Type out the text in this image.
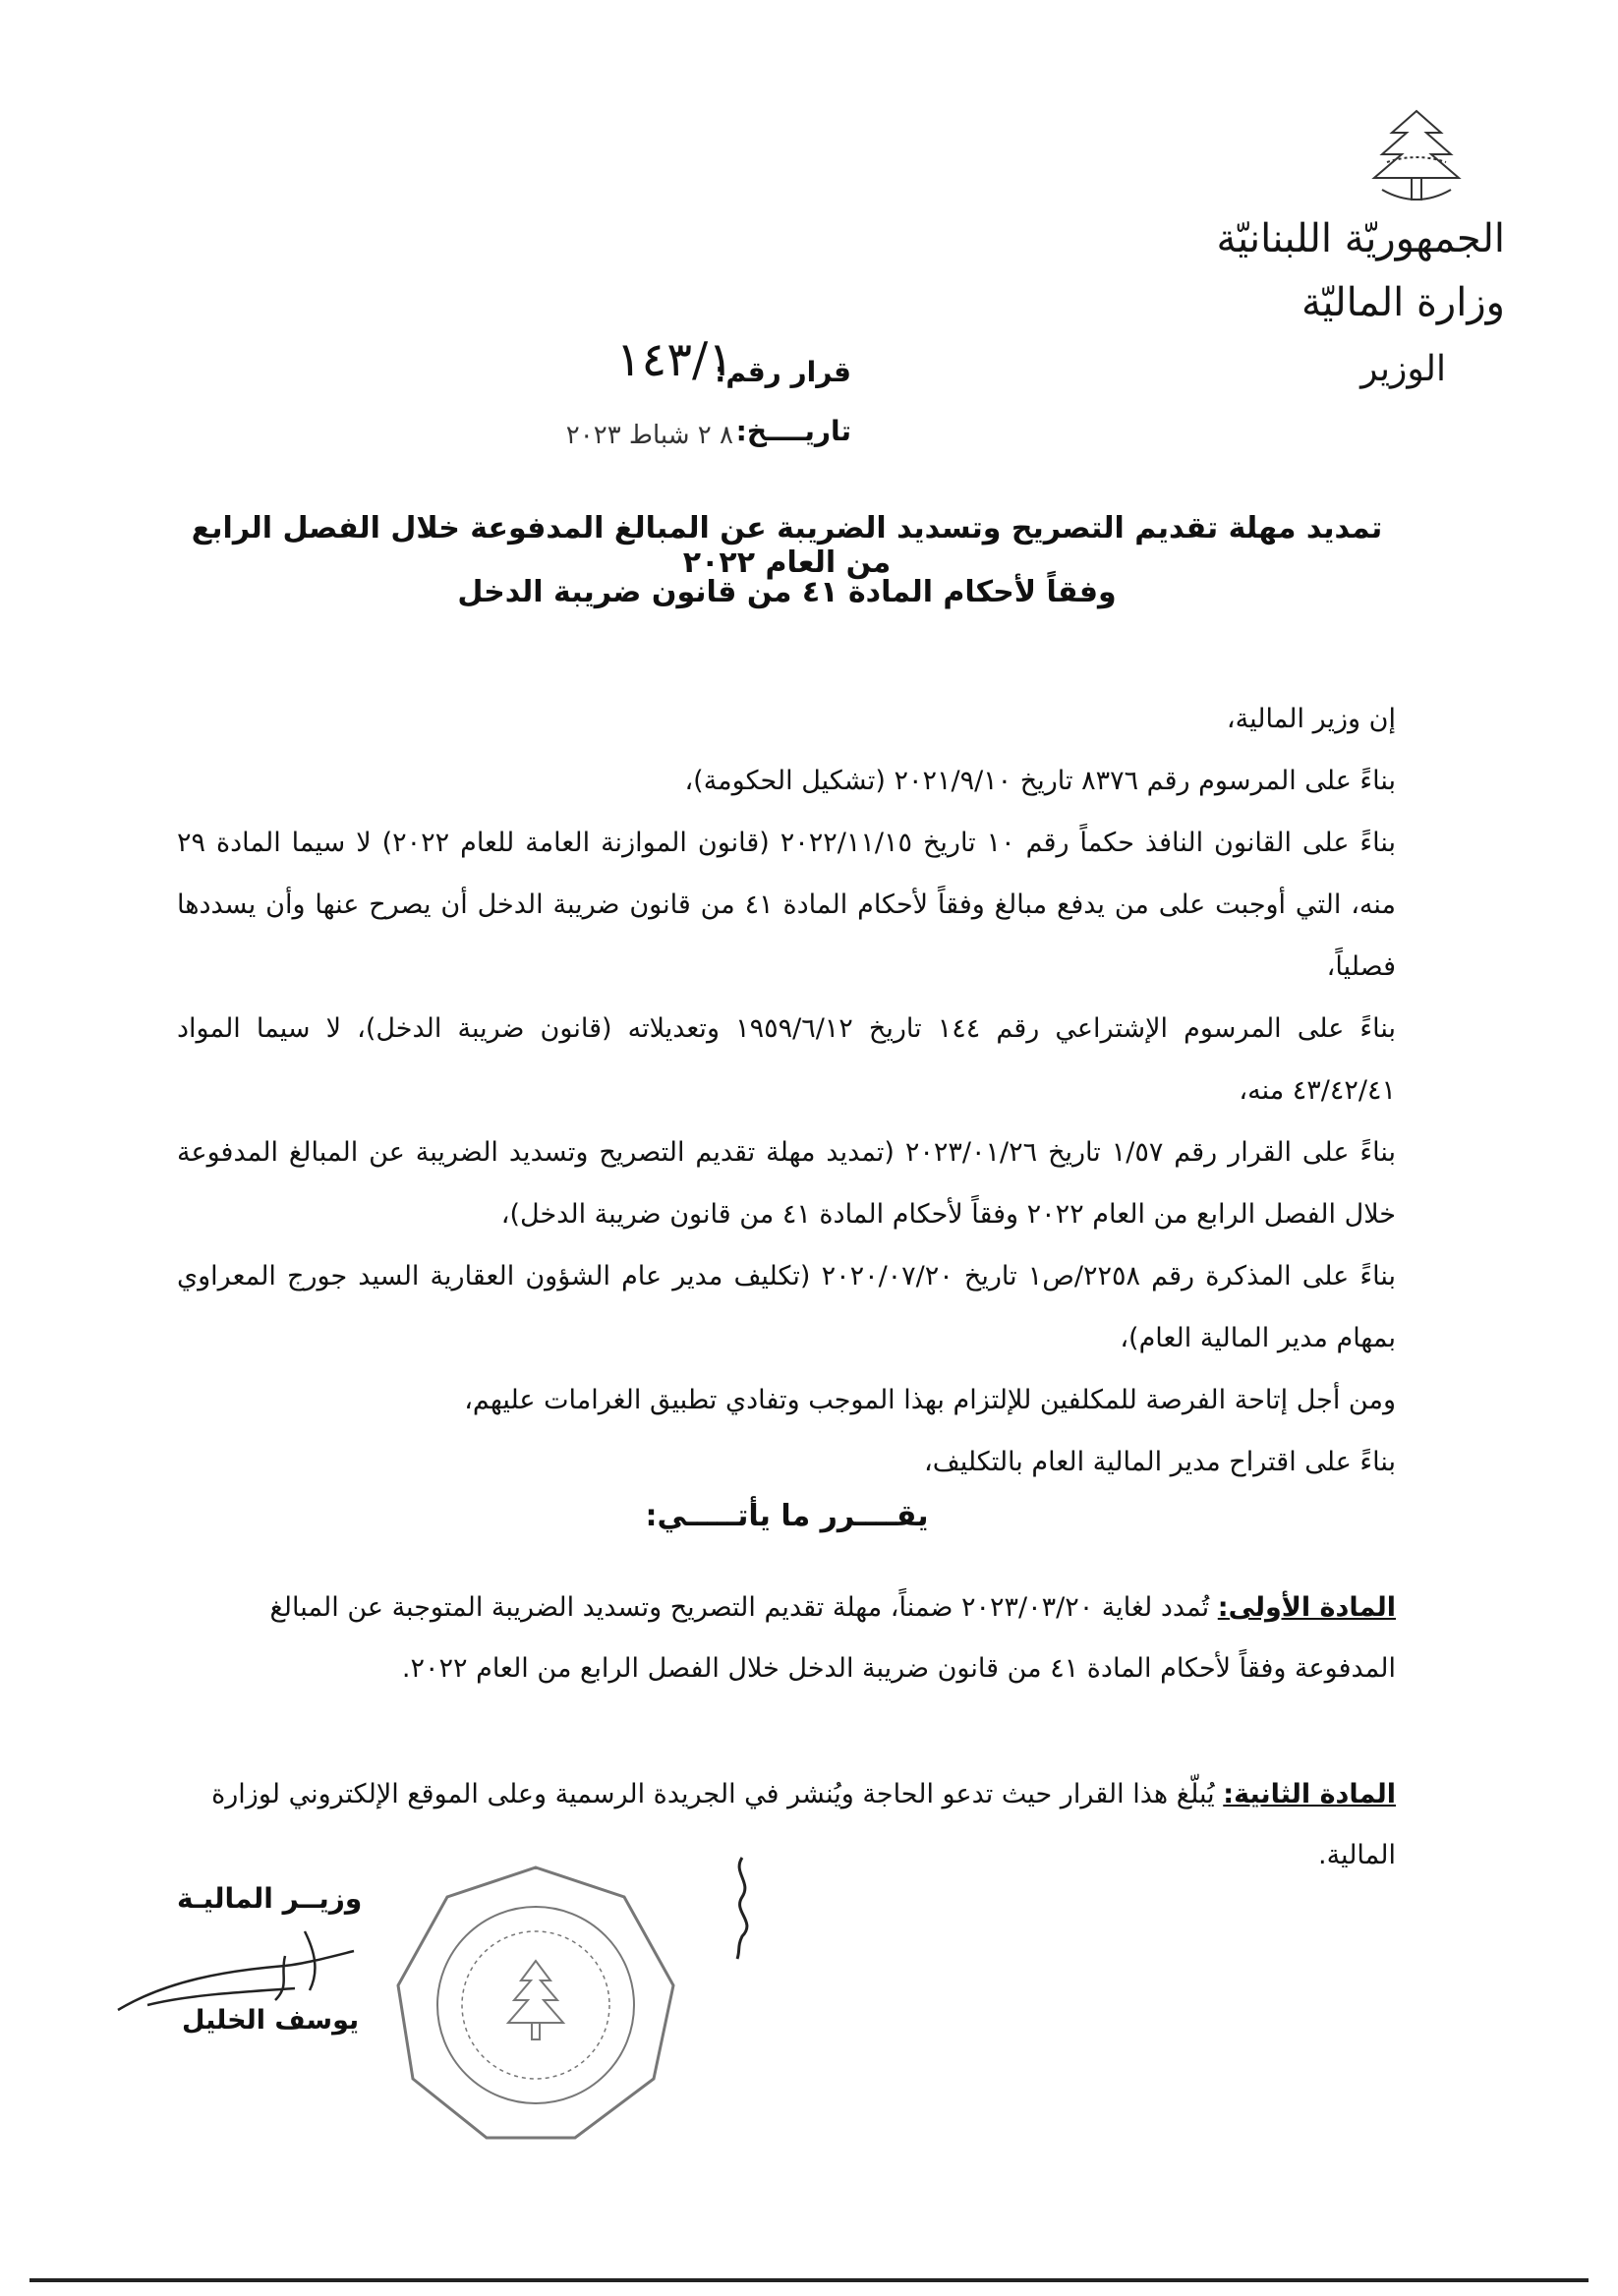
الجمهوريّة اللبنانيّة
وزارة الماليّة
الوزير
قرار رقم:
١٤٣/١
تاريــــخ:
٨ ٢ شباط ٢٠٢٣
تمديد مهلة تقديم التصريح وتسديد الضريبة عن المبالغ المدفوعة خلال الفصل الرابع من العام ٢٠٢٢
وفقاً لأحكام المادة ٤١ من قانون ضريبة الدخل

إن وزير المالية،

بناءً على المرسوم رقم ٨٣٧٦ تاريخ ٢٠٢١/٩/١٠ (تشكيل الحكومة)،

بناءً على القانون النافذ حكماً رقم ١٠ تاريخ ٢٠٢٢/١١/١٥ (قانون الموازنة العامة للعام ٢٠٢٢) لا سيما المادة ٢٩ منه، التي أوجبت على من يدفع مبالغ وفقاً لأحكام المادة ٤١ من قانون ضريبة الدخل أن يصرح عنها وأن يسددها فصلياً،

بناءً على المرسوم الإشتراعي رقم ١٤٤ تاريخ ١٩٥٩/٦/١٢ وتعديلاته (قانون ضريبة الدخل)، لا سيما المواد ٤٣/٤٢/٤١ منه،

بناءً على القرار رقم ١/٥٧ تاريخ ٢٠٢٣/٠١/٢٦ (تمديد مهلة تقديم التصريح وتسديد الضريبة عن المبالغ المدفوعة خلال الفصل الرابع من العام ٢٠٢٢ وفقاً لأحكام المادة ٤١ من قانون ضريبة الدخل)،

بناءً على المذكرة رقم ٢٢٥٨/ص١ تاريخ ٢٠٢٠/٠٧/٢٠ (تكليف مدير عام الشؤون العقارية السيد جورج المعراوي بمهام مدير المالية العام)،

ومن أجل إتاحة الفرصة للمكلفين للإلتزام بهذا الموجب وتفادي تطبيق الغرامات عليهم،

بناءً على اقتراح مدير المالية العام بالتكليف،

يقــــرر ما يأتـــــي:
المادة الأولى: تُمدد لغاية ٢٠٢٣/٠٣/٢٠ ضمناً، مهلة تقديم التصريح وتسديد الضريبة المتوجبة عن المبالغ المدفوعة وفقاً لأحكام المادة ٤١ من قانون ضريبة الدخل خلال الفصل الرابع من العام ٢٠٢٢.
المادة الثانية: يُبلّغ هذا القرار حيث تدعو الحاجة ويُنشر في الجريدة الرسمية وعلى الموقع الإلكتروني لوزارة المالية.
وزيــر الماليـة
يوسف الخليل
